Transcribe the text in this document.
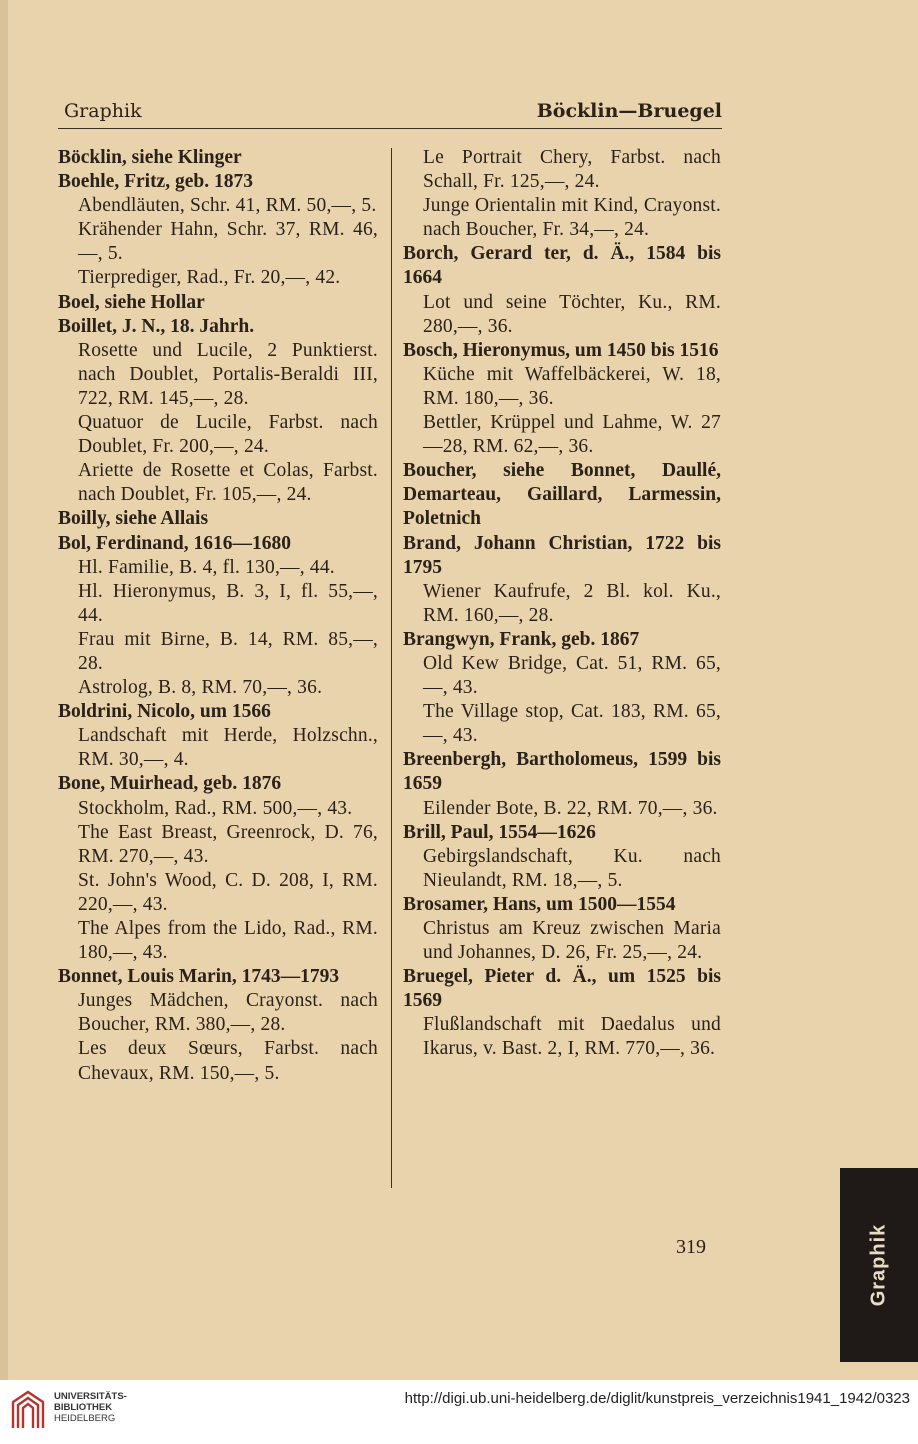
Graphik	Böcklin—Bruegel
Böcklin, siehe Klinger
Boehle, Fritz, geb. 1873
Abendläuten, Schr. 41, RM. 50,—, 5.
Krähender Hahn, Schr. 37, RM. 46,—, 5.
Tierprediger, Rad., Fr. 20,—, 42.
Boel, siehe Hollar
Boillet, J. N., 18. Jahrh.
Rosette und Lucile, 2 Punktierst. nach Doublet, Portalis-Beraldi III, 722, RM. 145,—, 28.
Quatuor de Lucile, Farbst. nach Doublet, Fr. 200,—, 24.
Ariette de Rosette et Colas, Farbst. nach Doublet, Fr. 105,—, 24.
Boilly, siehe Allais
Bol, Ferdinand, 1616—1680
Hl. Familie, B. 4, fl. 130,—, 44.
Hl. Hieronymus, B. 3, I, fl. 55,—, 44.
Frau mit Birne, B. 14, RM. 85,—, 28.
Astrolog, B. 8, RM. 70,—, 36.
Boldrini, Nicolo, um 1566
Landschaft mit Herde, Holzschn., RM. 30,—, 4.
Bone, Muirhead, geb. 1876
Stockholm, Rad., RM. 500,—, 43.
The East Breast, Greenrock, D. 76, RM. 270,—, 43.
St. John's Wood, C. D. 208, I, RM. 220,—, 43.
The Alpes from the Lido, Rad., RM. 180,—, 43.
Bonnet, Louis Marin, 1743—1793
Junges Mädchen, Crayonst. nach Boucher, RM. 380,—, 28.
Les deux Sœurs, Farbst. nach Chevaux, RM. 150,—, 5.
Le Portrait Chery, Farbst. nach Schall, Fr. 125,—, 24.
Junge Orientalin mit Kind, Crayonst. nach Boucher, Fr. 34,—, 24.
Borch, Gerard ter, d. Ä., 1584 bis 1664
Lot und seine Töchter, Ku., RM. 280,—, 36.
Bosch, Hieronymus, um 1450 bis 1516
Küche mit Waffelbäckerei, W. 18, RM. 180,—, 36.
Bettler, Krüppel und Lahme, W. 27—28, RM. 62,—, 36.
Boucher, siehe Bonnet, Daullé, Demarteau, Gaillard, Larmessin, Poletnich
Brand, Johann Christian, 1722 bis 1795
Wiener Kaufrufe, 2 Bl. kol. Ku., RM. 160,—, 28.
Brangwyn, Frank, geb. 1867
Old Kew Bridge, Cat. 51, RM. 65,—, 43.
The Village stop, Cat. 183, RM. 65,—, 43.
Breenbergh, Bartholomeus, 1599 bis 1659
Eilender Bote, B. 22, RM. 70,—, 36.
Brill, Paul, 1554—1626
Gebirgslandschaft, Ku. nach Nieulandt, RM. 18,—, 5.
Brosamer, Hans, um 1500—1554
Christus am Kreuz zwischen Maria und Johannes, D. 26, Fr. 25,—, 24.
Bruegel, Pieter d. Ä., um 1525 bis 1569
Flußlandschaft mit Daedalus und Ikarus, v. Bast. 2, I, RM. 770,—, 36.
319	Graphik
UNIVERSITÄTS-
BIBLIOTHEK
HEIDELBERG
http://digi.ub.uni-heidelberg.de/diglit/kunstpreis_verzeichnis1941_1942/0323
